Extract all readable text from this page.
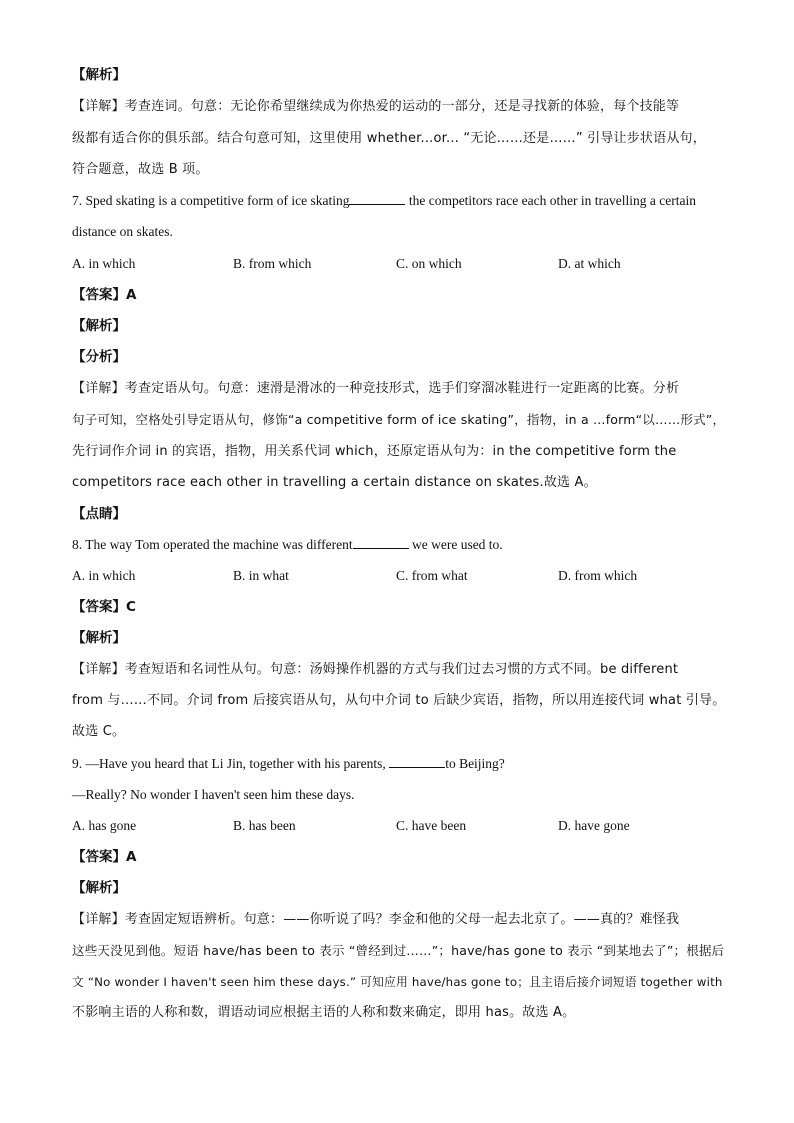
【解析】
【详解】考查连词。句意：无论你希望继续成为你热爱的运动的一部分，还是寻找新的体验，每个技能等
级都有适合你的俱乐部。结合句意可知，这里使用 whether...or... “无论……还是……” 引导让步状语从句，
符合题意，故选 B 项。
7. Sped skating is a competitive form of ice skating	the competitors race each other in travelling a certain
distance on skates.
A. in which	B. from which	C. on which	D. at which
【答案】A
【解析】
【分析】
【详解】考查定语从句。句意：速滑是滑冰的一种竞技形式，选手们穿溜冰鞋进行一定距离的比赛。分析
句子可知，空格处引导定语从句，修饰“a competitive form of ice skating”，指物，in a …form“以……形式”，
先行词作介词 in 的宾语，指物，用关系代词 which，还原定语从句为：in the competitive form the
competitors race each other in travelling a certain distance on skates.故选 A。
【点睛】
8. The way Tom operated the machine was different	we were used to.
A. in which	B. in what	C. from what	D. from which
【答案】C
【解析】
【详解】考查短语和名词性从句。句意：汤姆操作机器的方式与我们过去习惯的方式不同。be different
from 与……不同。介词 from 后接宾语从句，从句中介词 to 后缺少宾语，指物，所以用连接代词 what 引导。
故选 C。
9. —Have you heard that Li Jin, together with his parents,	to Beijing?
—Really? No wonder I haven't seen him these days.
A. has gone	B. has been	C. have been	D. have gone
【答案】A
【解析】
【详解】考查固定短语辨析。句意：——你听说了吗？李金和他的父母一起去北京了。——真的？难怪我
这些天没见到他。短语 have/has been to 表示 “曾经到过……”；have/has gone to 表示 “到某地去了”；根据后
文 “No wonder I haven't seen him these days.” 可知应用 have/has gone to；且主语后接介词短语 together with
不影响主语的人称和数，谓语动词应根据主语的人称和数来确定，即用 has。故选 A。
